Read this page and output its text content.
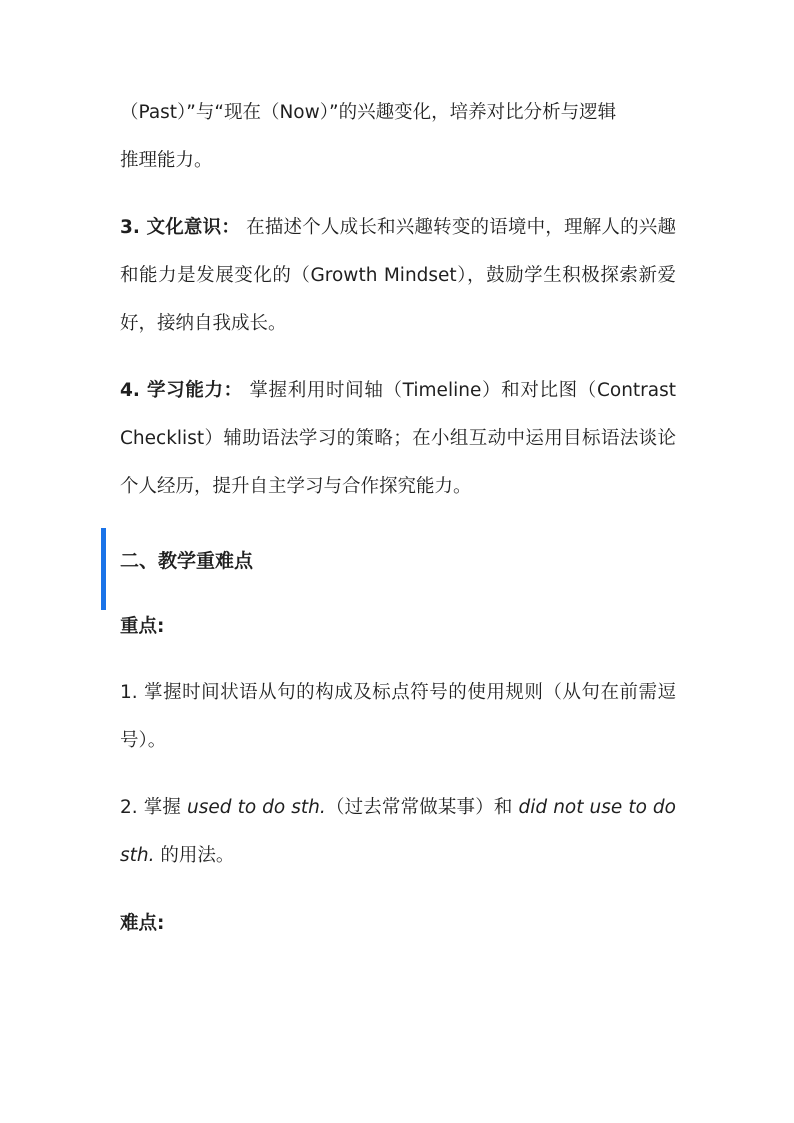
（Past）”与“现在（Now）”的兴趣变化，培养对比分析与逻辑
推理能力。

3. 文化意识： 在描述个人成长和兴趣转变的语境中，理解人的兴趣和能力是发展变化的（Growth Mindset），鼓励学生积极探索新爱好，接纳自我成长。

4. 学习能力： 掌握利用时间轴（Timeline）和对比图（Contrast Checklist）辅助语法学习的策略；在小组互动中运用目标语法谈论个人经历，提升自主学习与合作探究能力。

二、教学重难点

重点:

1. 掌握时间状语从句的构成及标点符号的使用规则（从句在前需逗号）。

2. 掌握 used to do sth.（过去常常做某事）和 did not use to do sth. 的用法。

难点:
